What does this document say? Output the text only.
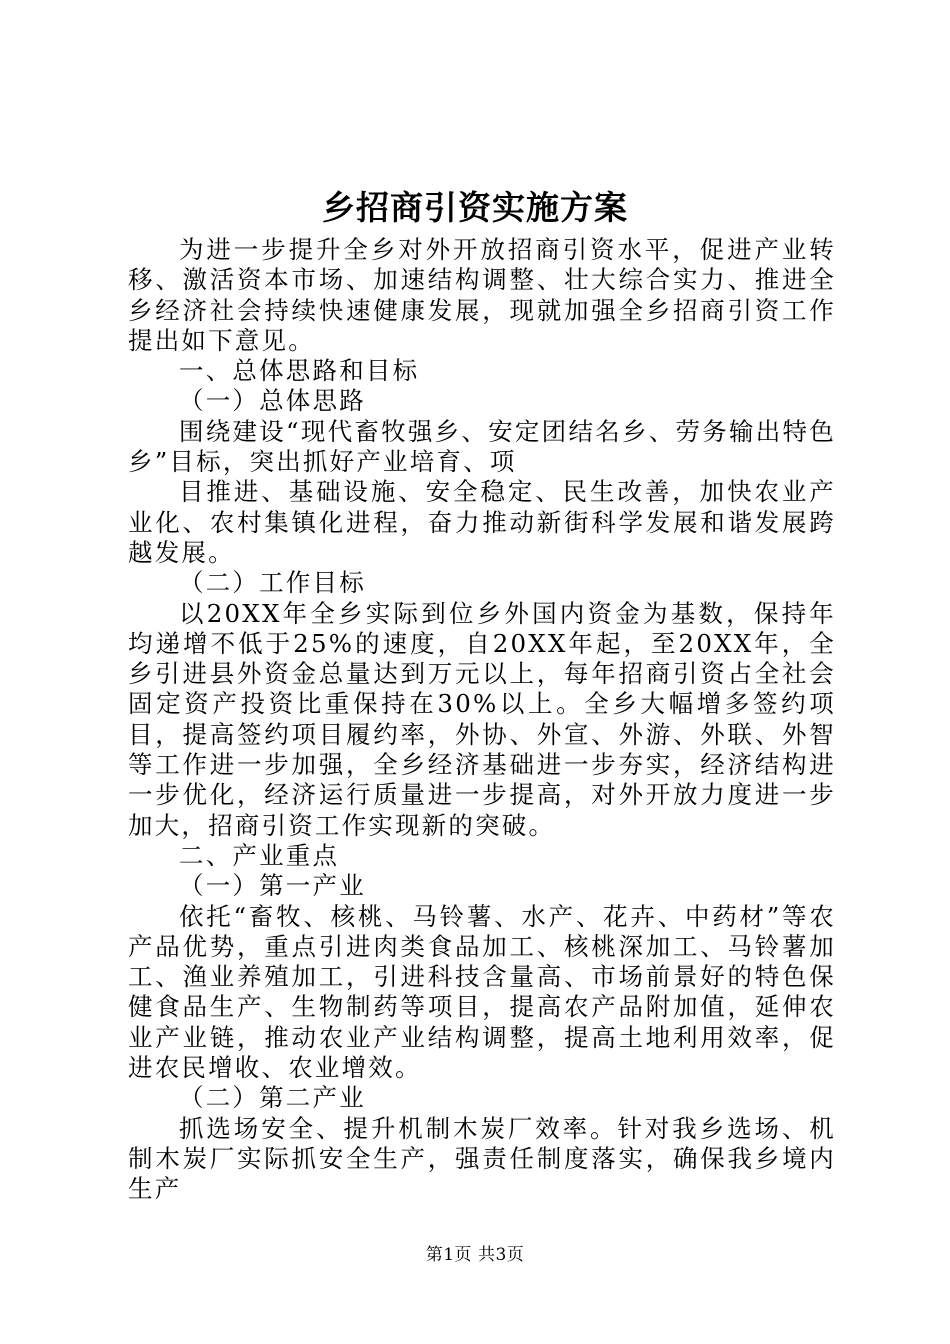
乡招商引资实施方案

为进一步提升全乡对外开放招商引资水平，促进产业转移、激活资本市场、加速结构调整、壮大综合实力、推进全乡经济社会持续快速健康发展，现就加强全乡招商引资工作提出如下意见。

一、总体思路和目标

（一）总体思路

围绕建设“现代畜牧强乡、安定团结名乡、劳务输出特色乡”目标，突出抓好产业培育、项

目推进、基础设施、安全稳定、民生改善，加快农业产业化、农村集镇化进程，奋力推动新街科学发展和谐发展跨越发展。

（二）工作目标

以20XX年全乡实际到位乡外国内资金为基数，保持年均递增不低于25%的速度，自20XX年起，至20XX年，全乡引进县外资金总量达到万元以上，每年招商引资占全社会固定资产投资比重保持在30%以上。全乡大幅增多签约项目，提高签约项目履约率，外协、外宣、外游、外联、外智等工作进一步加强，全乡经济基础进一步夯实，经济结构进一步优化，经济运行质量进一步提高，对外开放力度进一步加大，招商引资工作实现新的突破。

二、产业重点

（一）第一产业

依托“畜牧、核桃、马铃薯、水产、花卉、中药材”等农产品优势，重点引进肉类食品加工、核桃深加工、马铃薯加工、渔业养殖加工，引进科技含量高、市场前景好的特色保健食品生产、生物制药等项目，提高农产品附加值，延伸农业产业链，推动农业产业结构调整，提高土地利用效率，促进农民增收、农业增效。

（二）第二产业

抓选场安全、提升机制木炭厂效率。针对我乡选场、机制木炭厂实际抓安全生产，强责任制度落实，确保我乡境内生产

第1页 共3页
